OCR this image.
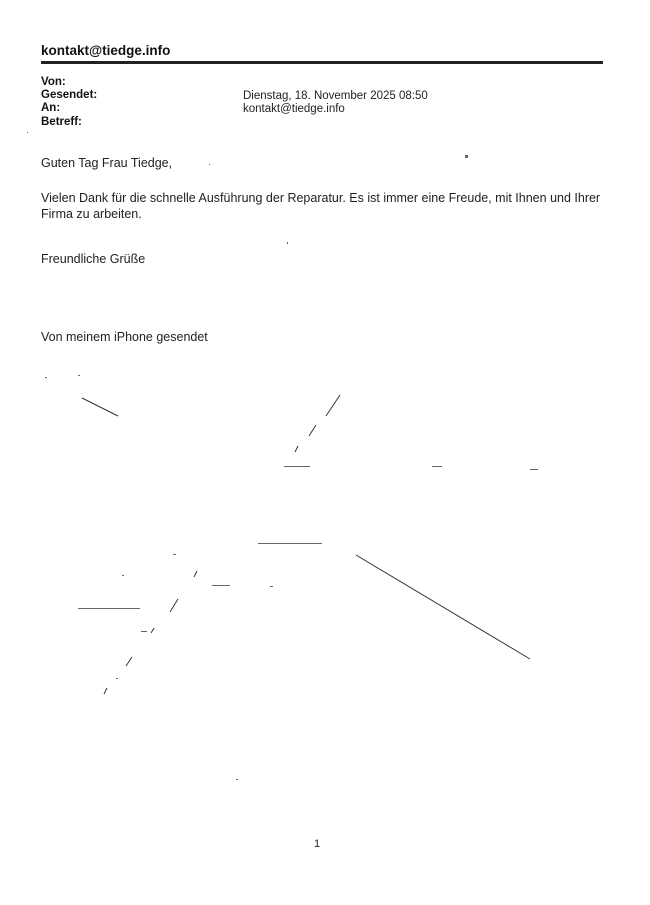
kontakt@tiedge.info
Von:
Gesendet:
An:
Betreff:
Dienstag, 18. November 2025 08:50
kontakt@tiedge.info
Guten Tag Frau Tiedge,
Vielen Dank für die schnelle Ausführung der Reparatur. Es ist immer eine Freude, mit Ihnen und Ihrer
Firma zu arbeiten.
Freundliche Grüße
Von meinem iPhone gesendet
1
